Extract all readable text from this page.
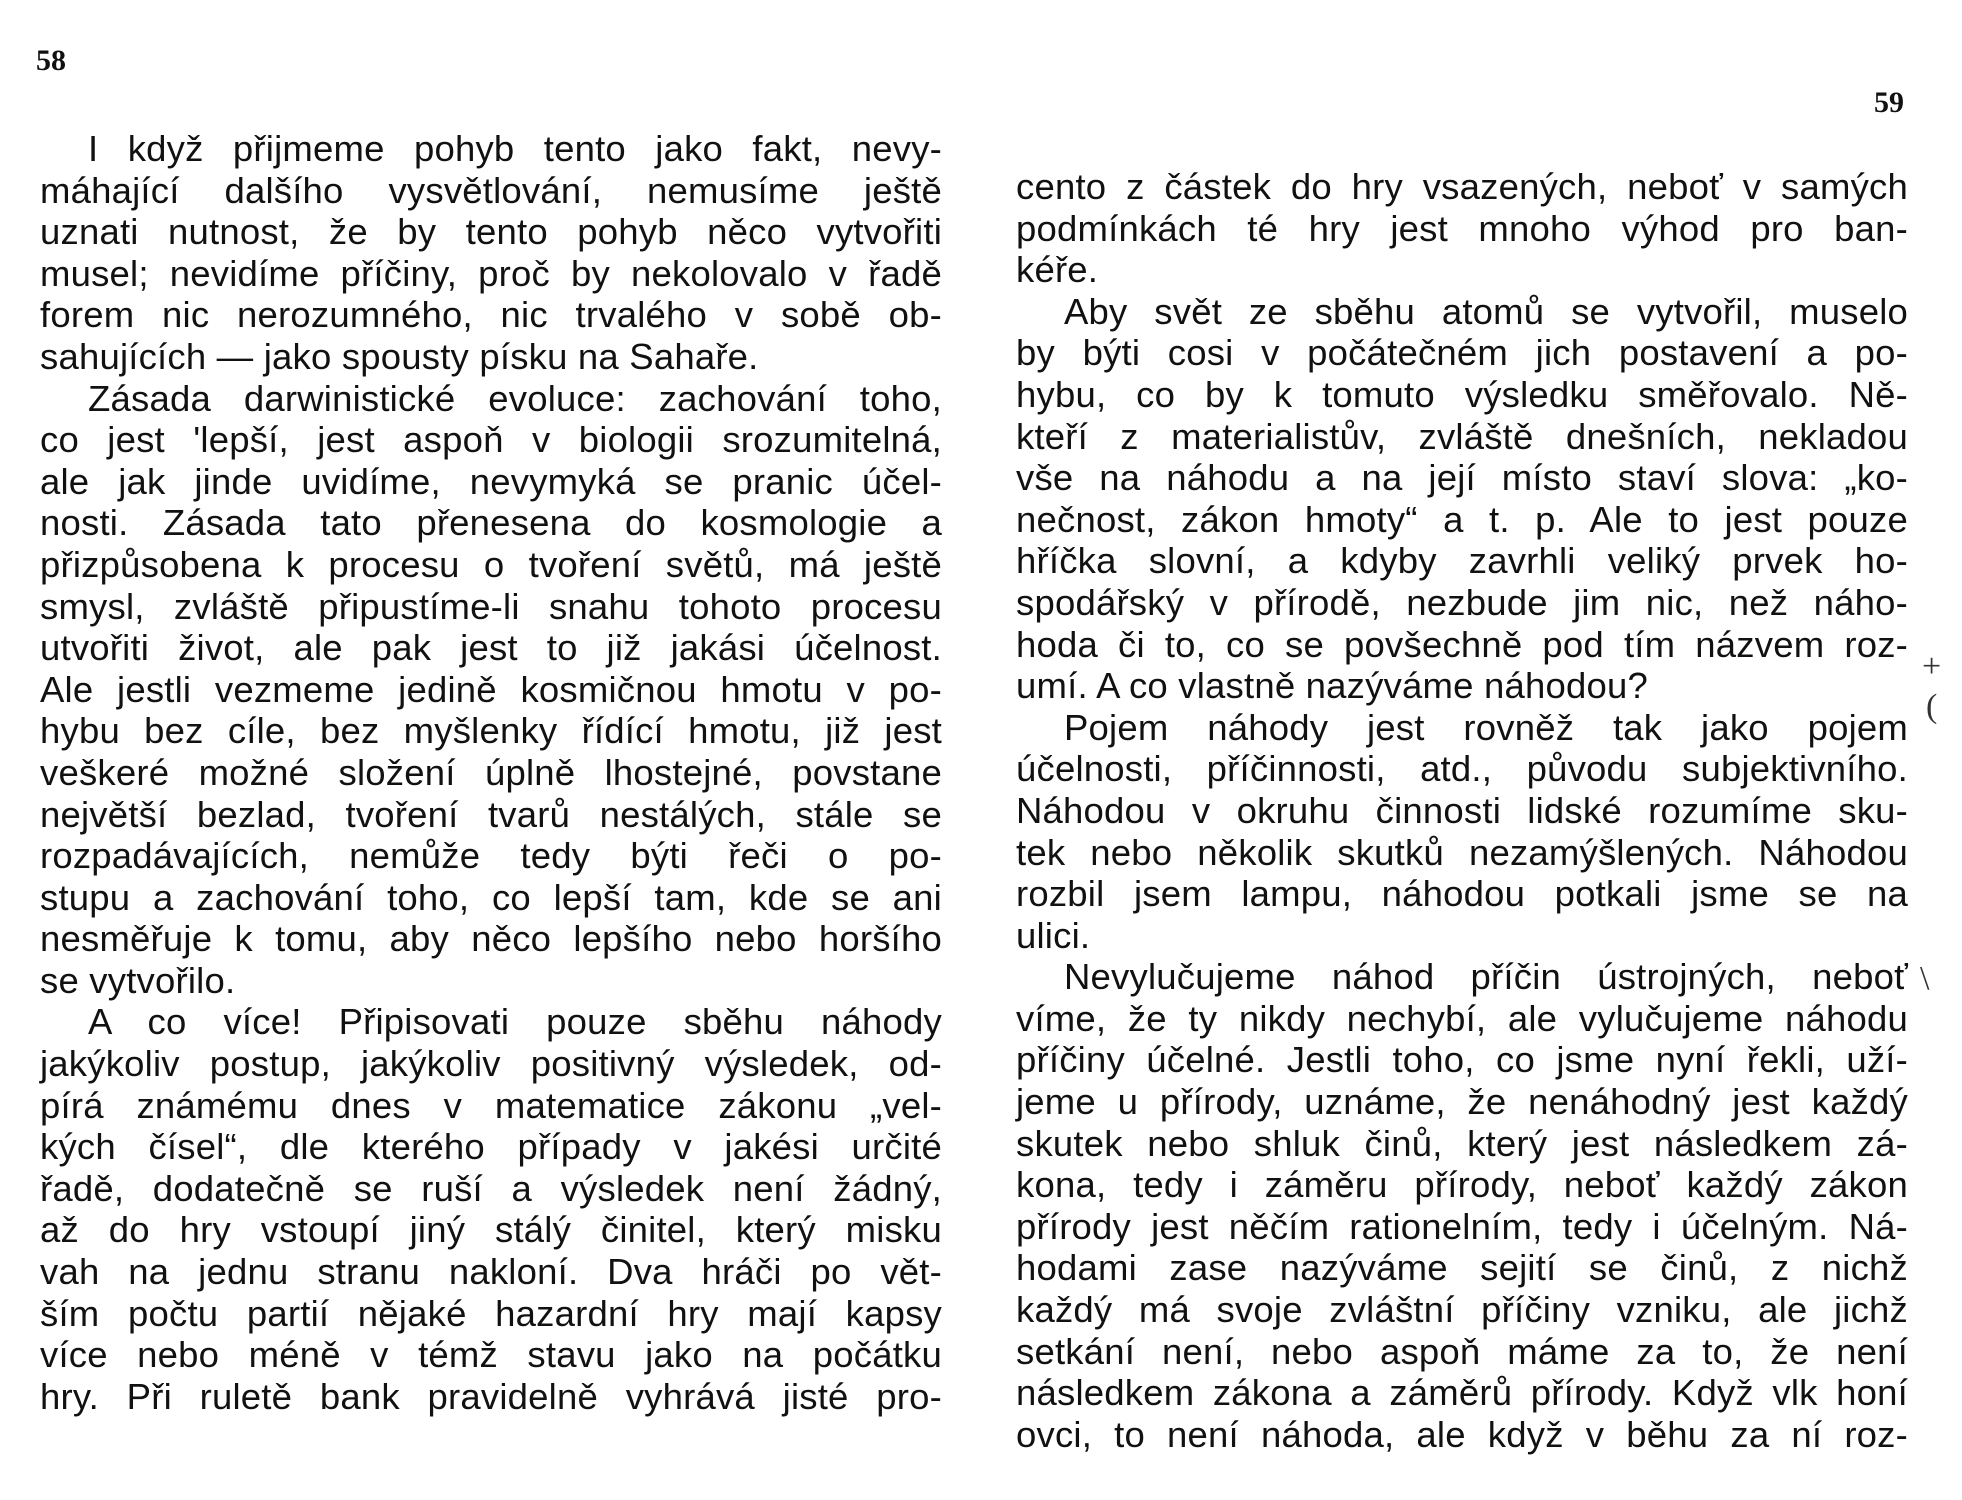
58
59
I když přijmeme pohyb tento jako fakt, nevy-
máhající dalšího vysvětlování, nemusíme ještě
uznati nutnost, že by tento pohyb něco vytvořiti
musel; nevidíme příčiny, proč by nekolovalo v řadě
forem nic nerozumného, nic trvalého v sobě ob-
sahujících — jako spousty písku na Sahaře.
Zásada darwinistické evoluce: zachování toho,
co jest 'lepší, jest aspoň v biologii srozumitelná,
ale jak jinde uvidíme, nevymyká se pranic účel-
nosti. Zásada tato přenesena do kosmologie a
přizpůsobena k procesu o tvoření světů, má ještě
smysl, zvláště připustíme-li snahu tohoto procesu
utvořiti život, ale pak jest to již jakási účelnost.
Ale jestli vezmeme jedině kosmičnou hmotu v po-
hybu bez cíle, bez myšlenky řídící hmotu, již jest
veškeré možné složení úplně lhostejné, povstane
největší bezlad, tvoření tvarů nestálých, stále se
rozpadávajících, nemůže tedy býti řeči o po-
stupu a zachování toho, co lepší tam, kde se ani
nesměřuje k tomu, aby něco lepšího nebo horšího
se vytvořilo.
A co více! Připisovati pouze sběhu náhody
jakýkoliv postup, jakýkoliv positivný výsledek, od-
pírá známému dnes v matematice zákonu „vel-
kých čísel“, dle kterého případy v jakési určité
řadě, dodatečně se ruší a výsledek není žádný,
až do hry vstoupí jiný stálý činitel, který misku
vah na jednu stranu nakloní. Dva hráči po vět-
ším počtu partií nějaké hazardní hry mají kapsy
více nebo méně v témž stavu jako na počátku
hry. Při ruletě bank pravidelně vyhrává jisté pro-
cento z částek do hry vsazených, neboť v samých
podmínkách té hry jest mnoho výhod pro ban-
kéře.
Aby svět ze sběhu atomů se vytvořil, muselo
by býti cosi v počátečném jich postavení a po-
hybu, co by k tomuto výsledku směřovalo. Ně-
kteří z materialistův, zvláště dnešních, nekladou
vše na náhodu a na její místo staví slova: „ko-
nečnost, zákon hmoty“ a t. p. Ale to jest pouze
hříčka slovní, a kdyby zavrhli veliký prvek ho-
spodářský v přírodě, nezbude jim nic, než náho-
hoda či to, co se povšechně pod tím názvem roz-
umí. A co vlastně nazýváme náhodou?
Pojem náhody jest rovněž tak jako pojem
účelnosti, příčinnosti, atd., původu subjektivního.
Náhodou v okruhu činnosti lidské rozumíme sku-
tek nebo několik skutků nezamýšlených. Náhodou
rozbil jsem lampu, náhodou potkali jsme se na
ulici.
Nevylučujeme náhod příčin ústrojných, neboť
víme, že ty nikdy nechybí, ale vylučujeme náhodu
příčiny účelné. Jestli toho, co jsme nyní řekli, uží-
jeme u přírody, uznáme, že nenáhodný jest každý
skutek nebo shluk činů, který jest následkem zá-
kona, tedy i záměru přírody, neboť každý zákon
přírody jest něčím rationelním, tedy i účelným. Ná-
hodami zase nazýváme sejití se činů, z nichž
každý má svoje zvláštní příčiny vzniku, ale jichž
setkání není, nebo aspoň máme za to, že není
následkem zákona a záměrů přírody. Když vlk honí
ovci, to není náhoda, ale když v běhu za ní roz-
+
(
\
